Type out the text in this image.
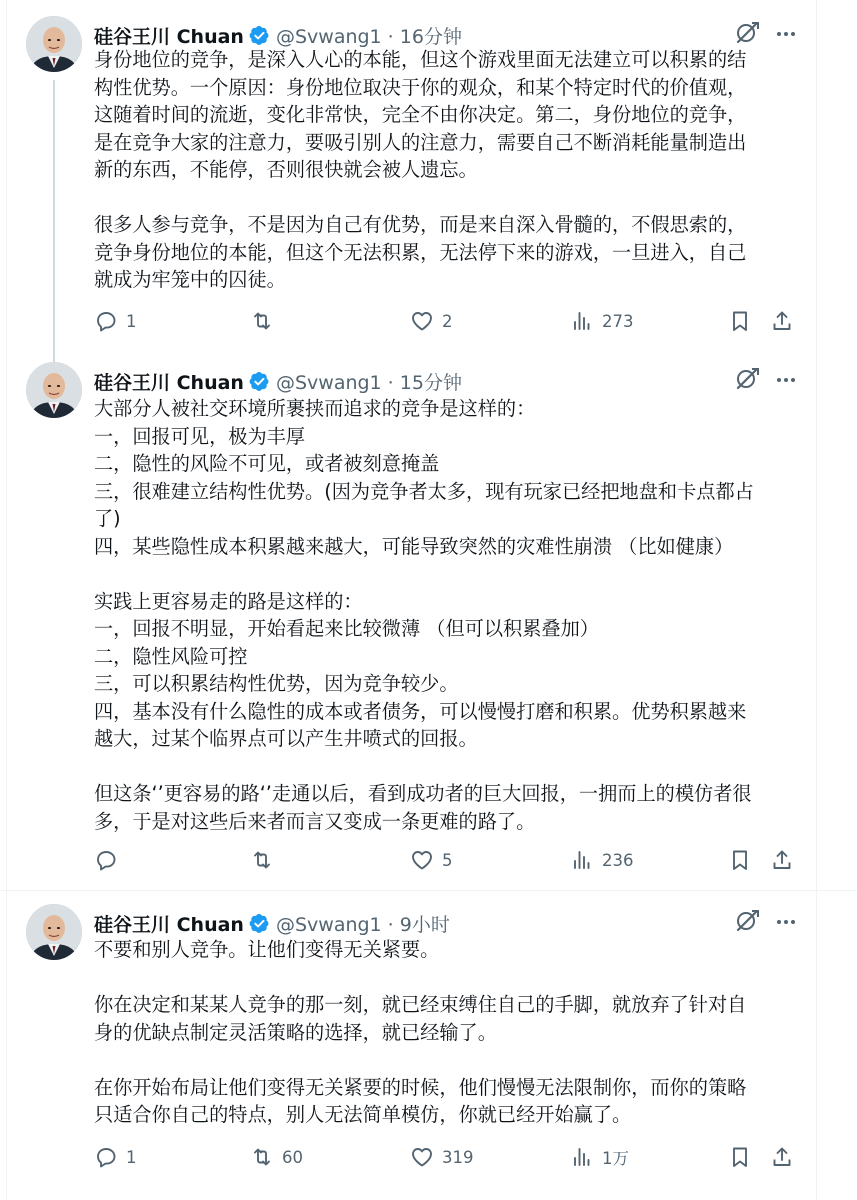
硅谷王川 Chuan @Svwang1 · 16分钟

身份地位的竞争，是深入人心的本能，但这个游戏里面无法建立可以积累的结
构性优势。一个原因：身份地位取决于你的观众，和某个特定时代的价值观，
这随着时间的流逝，变化非常快，完全不由你决定。第二，身份地位的竞争，
是在竞争大家的注意力，要吸引别人的注意力，需要自己不断消耗能量制造出
新的东西，不能停，否则很快就会被人遗忘。

很多人参与竞争，不是因为自己有优势，而是来自深入骨髓的，不假思索的，
竞争身份地位的本能，但这个无法积累，无法停下来的游戏，一旦进入，自己
就成为牢笼中的囚徒。

1	2	273
硅谷王川 Chuan @Svwang1 · 15分钟

大部分人被社交环境所裹挟而追求的竞争是这样的：
一，回报可见，极为丰厚
二，隐性的风险不可见，或者被刻意掩盖
三，很难建立结构性优势。(因为竞争者太多，现有玩家已经把地盘和卡点都占
了)
四，某些隐性成本积累越来越大，可能导致突然的灾难性崩溃 （比如健康）

实践上更容易走的路是这样的：
一，回报不明显，开始看起来比较微薄 （但可以积累叠加）
二，隐性风险可控
三，可以积累结构性优势，因为竞争较少。
四，基本没有什么隐性的成本或者债务，可以慢慢打磨和积累。优势积累越来
越大，过某个临界点可以产生井喷式的回报。

但这条‘’更容易的路‘’走通以后，看到成功者的巨大回报，一拥而上的模仿者很
多，于是对这些后来者而言又变成一条更难的路了。

5	236
硅谷王川 Chuan @Svwang1 · 9小时

不要和别人竞争。让他们变得无关紧要。

你在决定和某某人竞争的那一刻，就已经束缚住自己的手脚，就放弃了针对自
身的优缺点制定灵活策略的选择，就已经输了。

在你开始布局让他们变得无关紧要的时候，他们慢慢无法限制你，而你的策略
只适合你自己的特点，别人无法简单模仿，你就已经开始赢了。

1	60	319	1万
